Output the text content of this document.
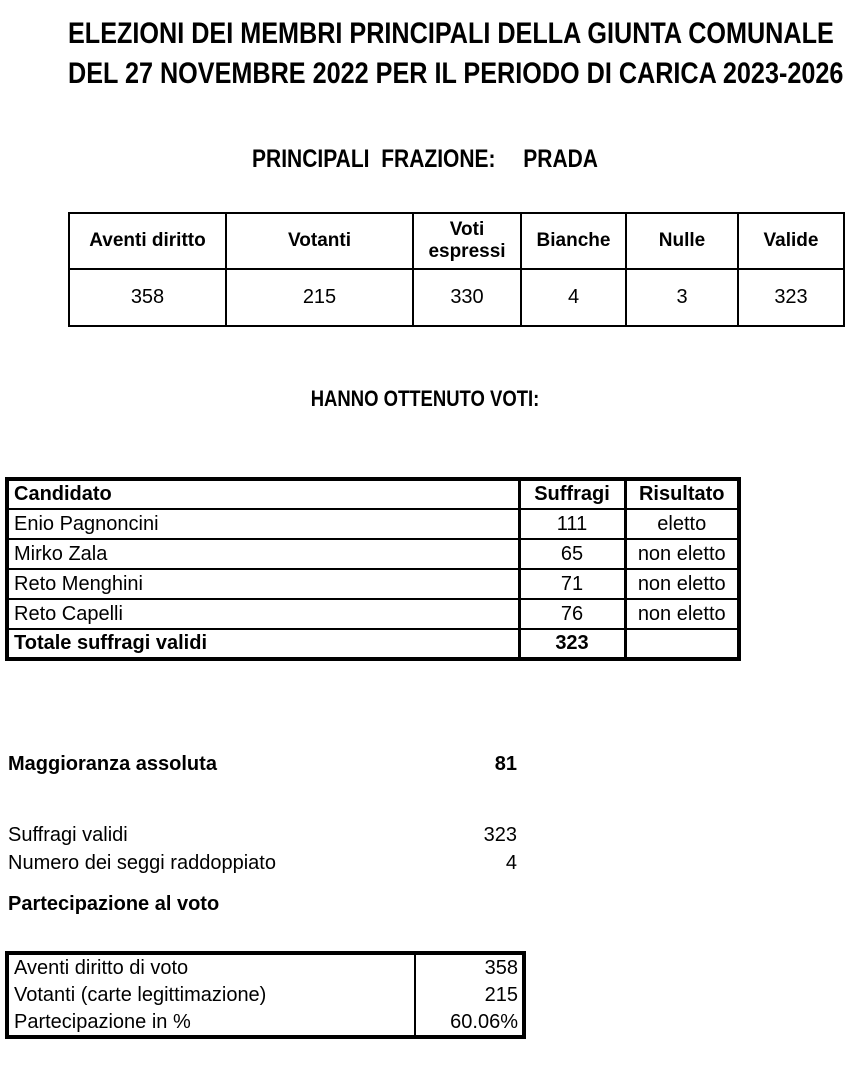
ELEZIONI DEI MEMBRI PRINCIPALI DELLA GIUNTA COMUNALE
DEL 27 NOVEMBRE 2022 PER IL PERIODO DI CARICA 2023-2026
PRINCIPALI FRAZIONE: PRADA
Aventi diritto	Votanti	Voti espressi	Bianche	Nulle	Valide
358	215	330	4	3	323
HANNO OTTENUTO VOTI:
Candidato	Suffragi	Risultato
Enio Pagnoncini	111	eletto
Mirko Zala	65	non eletto
Reto Menghini	71	non eletto
Reto Capelli	76	non eletto
Totale suffragi validi	323	
Maggioranza assoluta	81
Suffragi validi	323
Numero dei seggi raddoppiato	4
Partecipazione al voto
Aventi diritto di voto	358
Votanti (carte legittimazione)	215
Partecipazione in %	60.06%
